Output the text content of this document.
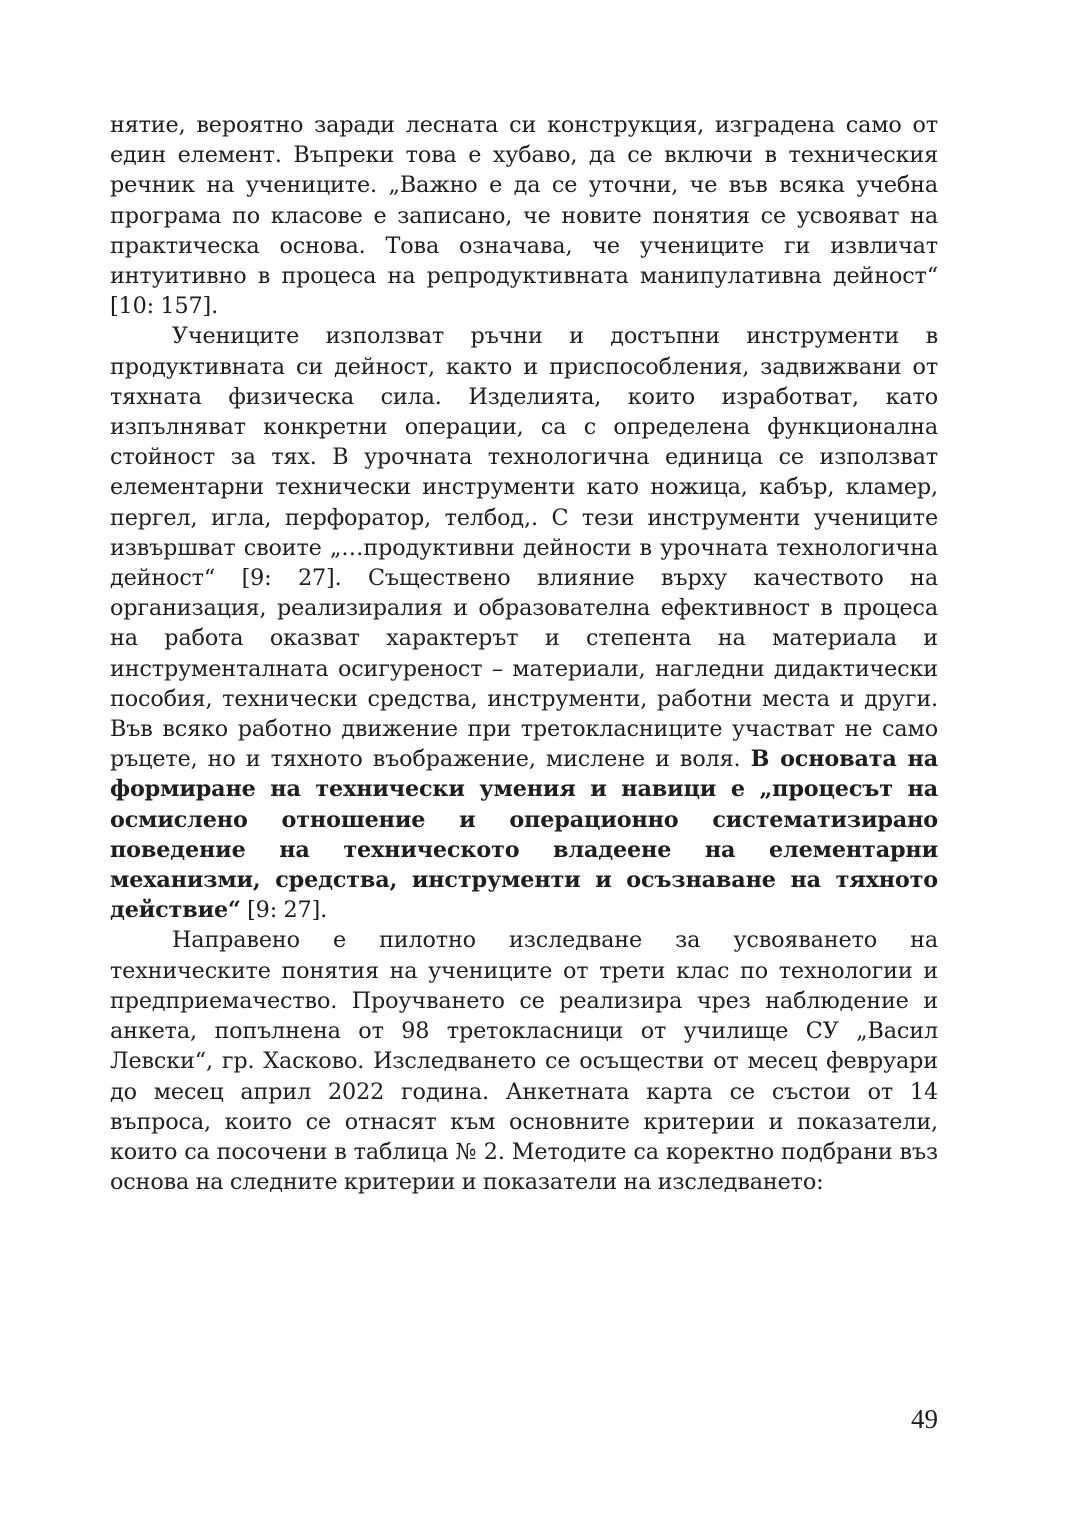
нятие, вероятно заради лесната си конструкция, изградена само от един елемент. Въпреки това е хубаво, да се включи в техническия речник на учениците. „Важно е да се уточни, че във всяка учебна програма по класове е записано, че новите понятия се усвояват на практическа основа. Това означава, че учениците ги извличат интуитивно в процеса на репродуктивната манипулативна дейност“ [10: 157].

Учениците използват ръчни и достъпни инструменти в продуктивната си дейност, както и приспособления, задвижвани от тяхната физическа сила. Изделията, които изработват, като изпълняват конкретни операции, са с определена функционална стойност за тях. В урочната технологична единица се използват елементарни технически инструменти като ножица, кабър, кламер, пергел, игла, перфоратор, телбод,. С тези инструменти учениците извършват своите „…продуктивни дейности в урочната технологична дейност“ [9: 27]. Съществено влияние върху качеството на организация, реализиралия и образователна ефективност в процеса на работа оказват характерът и степента на материала и инструменталната осигуреност – материали, нагледни дидактически пособия, технически средства, инструменти, работни места и други. Във всяко работно движение при третокласниците участват не само ръцете, но и тяхното въображение, мислене и воля. В основата на формиране на технически умения и навици е „процесът на осмислено отношение и операционно систематизирано поведение на техническото владеене на елементарни механизми, средства, инструменти и осъзнаване на тяхното действие“ [9: 27].

Направено е пилотно изследване за усвояването на техническите понятия на учениците от трети клас по технологии и предприемачество. Проучването се реализира чрез наблюдение и анкета, попълнена от 98 третокласници от училище СУ „Васил Левски“, гр. Хасково. Изследването се осъществи от месец февруари до месец април 2022 година. Анкетната карта се състои от 14 въпроса, които се отнасят към основните критерии и показатели, които са посочени в таблица № 2. Методите са коректно подбрани въз основа на следните критерии и показатели на изследването:

49
